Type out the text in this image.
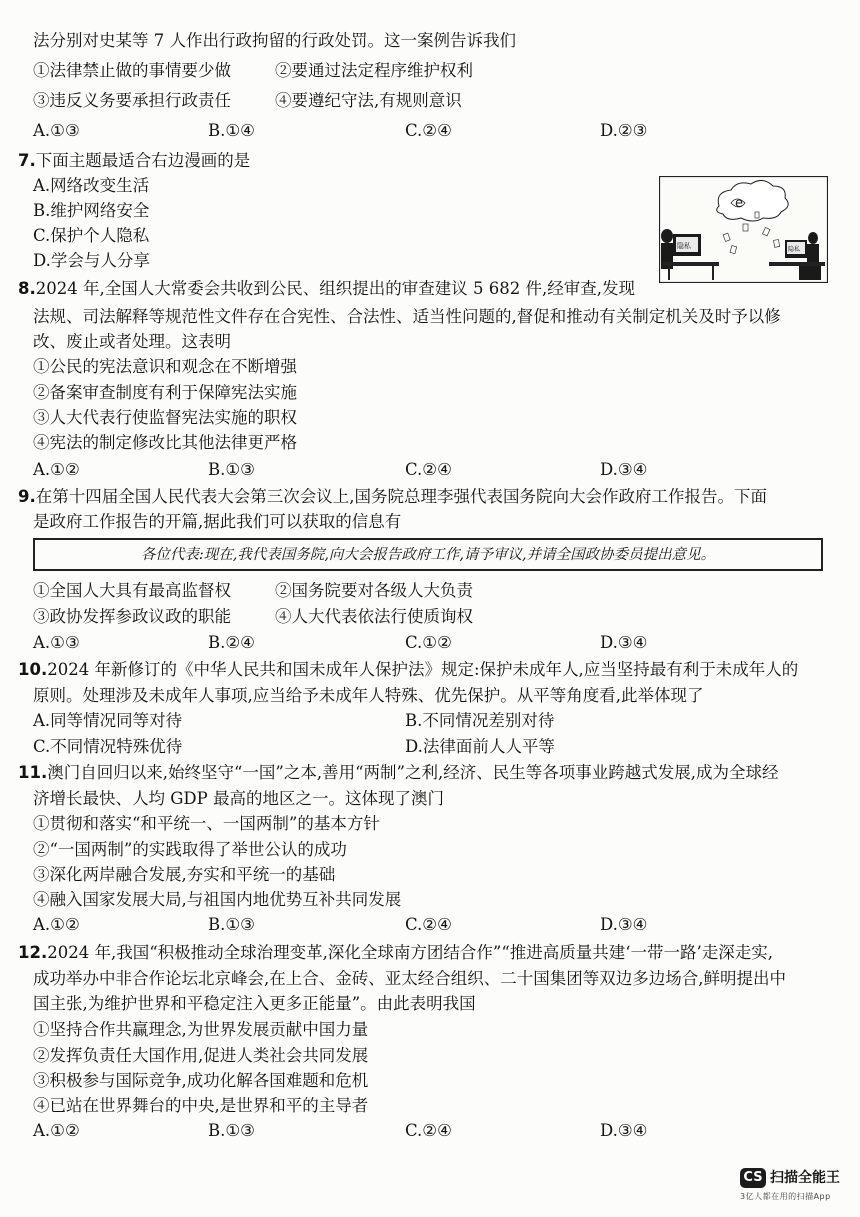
法分别对史某等 7 人作出行政拘留的行政处罚。这一案例告诉我们
①法律禁止做的事情要少做	②要通过法定程序维护权利
③违反义务要承担行政责任	④要遵纪守法,有规则意识
A.①③	B.①④	C.②④	D.②③
7.下面主题最适合右边漫画的是
A.网络改变生活
B.维护网络安全
C.保护个人隐私
D.学会与人分享
e
隐私	隐私
8.2024 年,全国人大常委会共收到公民、组织提出的审查建议 5 682 件,经审查,发现
法规、司法解释等规范性文件存在合宪性、合法性、适当性问题的,督促和推动有关制定机关及时予以修
改、废止或者处理。这表明
①公民的宪法意识和观念在不断增强
②备案审查制度有利于保障宪法实施
③人大代表行使监督宪法实施的职权
④宪法的制定修改比其他法律更严格
A.①②	B.①③	C.②④	D.③④
9.在第十四届全国人民代表大会第三次会议上,国务院总理李强代表国务院向大会作政府工作报告。下面
是政府工作报告的开篇,据此我们可以获取的信息有
各位代表:现在,我代表国务院,向大会报告政府工作,请予审议,并请全国政协委员提出意见。
①全国人大具有最高监督权	②国务院要对各级人大负责
③政协发挥参政议政的职能	④人大代表依法行使质询权
A.①③	B.②④	C.①②	D.③④
10.2024 年新修订的《中华人民共和国未成年人保护法》规定:保护未成年人,应当坚持最有利于未成年人的
原则。处理涉及未成年人事项,应当给予未成年人特殊、优先保护。从平等角度看,此举体现了
A.同等情况同等对待	B.不同情况差别对待
C.不同情况特殊优待	D.法律面前人人平等
11.澳门自回归以来,始终坚守“一国”之本,善用“两制”之利,经济、民生等各项事业跨越式发展,成为全球经
济增长最快、人均 GDP 最高的地区之一。这体现了澳门
①贯彻和落实“和平统一、一国两制”的基本方针
②“一国两制”的实践取得了举世公认的成功
③深化两岸融合发展,夯实和平统一的基础
④融入国家发展大局,与祖国内地优势互补共同发展
A.①②	B.①③	C.②④	D.③④
12.2024 年,我国“积极推动全球治理变革,深化全球南方团结合作”“推进高质量共建‘一带一路’走深走实,
成功举办中非合作论坛北京峰会,在上合、金砖、亚太经合组织、二十国集团等双边多边场合,鲜明提出中
国主张,为维护世界和平稳定注入更多正能量”。由此表明我国
①坚持合作共赢理念,为世界发展贡献中国力量
②发挥负责任大国作用,促进人类社会共同发展
③积极参与国际竞争,成功化解各国难题和危机
④已站在世界舞台的中央,是世界和平的主导者
A.①②	B.①③	C.②④	D.③④
CS 扫描全能王
3亿人都在用的扫描App
